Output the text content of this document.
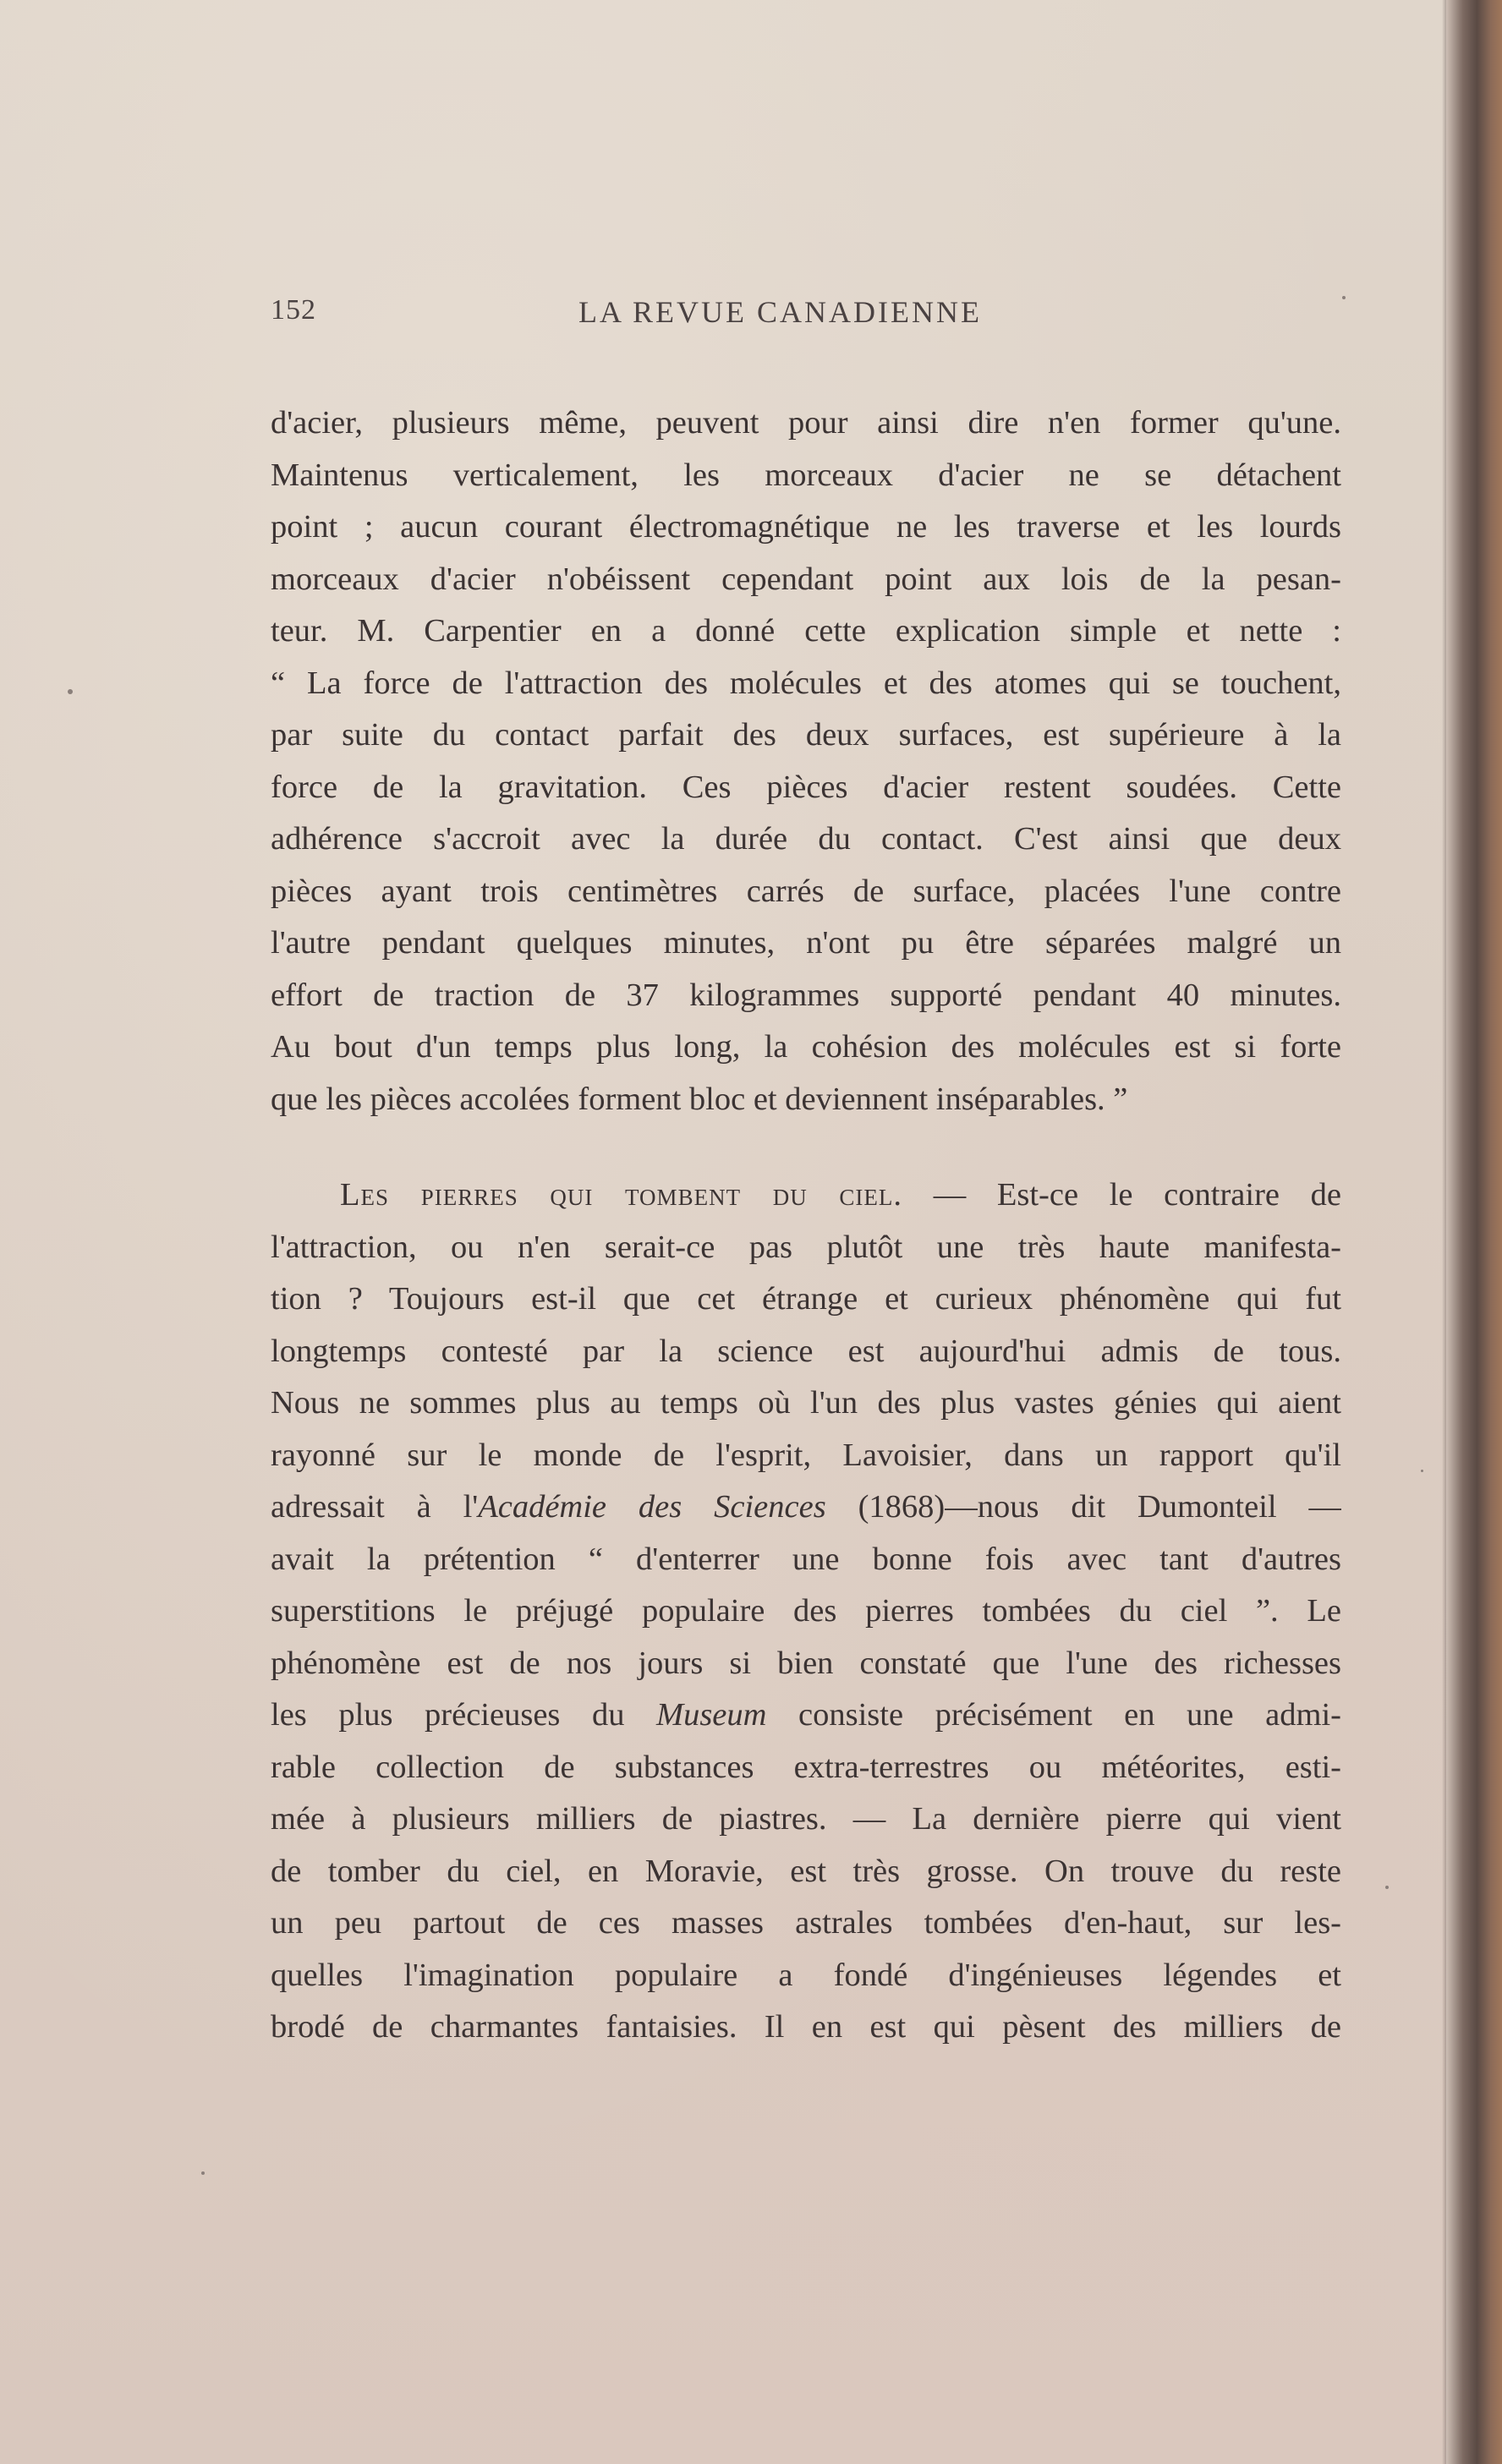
152	LA REVUE CANADIENNE
d'acier, plusieurs même, peuvent pour ainsi dire n'en former qu'une.
Maintenus verticalement, les morceaux d'acier ne se détachent
point ; aucun courant électromagnétique ne les traverse et les lourds
morceaux d'acier n'obéissent cependant point aux lois de la pesan-
teur. M. Carpentier en a donné cette explication simple et nette :
“ La force de l'attraction des molécules et des atomes qui se touchent,
par suite du contact parfait des deux surfaces, est supérieure à la
force de la gravitation. Ces pièces d'acier restent soudées. Cette
adhérence s'accroit avec la durée du contact. C'est ainsi que deux
pièces ayant trois centimètres carrés de surface, placées l'une contre
l'autre pendant quelques minutes, n'ont pu être séparées malgré un
effort de traction de 37 kilogrammes supporté pendant 40 minutes.
Au bout d'un temps plus long, la cohésion des molécules est si forte
que les pièces accolées forment bloc et deviennent inséparables. ”
Les pierres qui tombent du ciel. — Est-ce le contraire de
l'attraction, ou n'en serait-ce pas plutôt une très haute manifesta-
tion ? Toujours est-il que cet étrange et curieux phénomène qui fut
longtemps contesté par la science est aujourd'hui admis de tous.
Nous ne sommes plus au temps où l'un des plus vastes génies qui aient
rayonné sur le monde de l'esprit, Lavoisier, dans un rapport qu'il
adressait à l'Académie des Sciences (1868)—nous dit Dumonteil —
avait la prétention “ d'enterrer une bonne fois avec tant d'autres
superstitions le préjugé populaire des pierres tombées du ciel ”. Le
phénomène est de nos jours si bien constaté que l'une des richesses
les plus précieuses du Museum consiste précisément en une admi-
rable collection de substances extra-terrestres ou météorites, esti-
mée à plusieurs milliers de piastres. — La dernière pierre qui vient
de tomber du ciel, en Moravie, est très grosse. On trouve du reste
un peu partout de ces masses astrales tombées d'en-haut, sur les-
quelles l'imagination populaire a fondé d'ingénieuses légendes et
brodé de charmantes fantaisies. Il en est qui pèsent des milliers de
